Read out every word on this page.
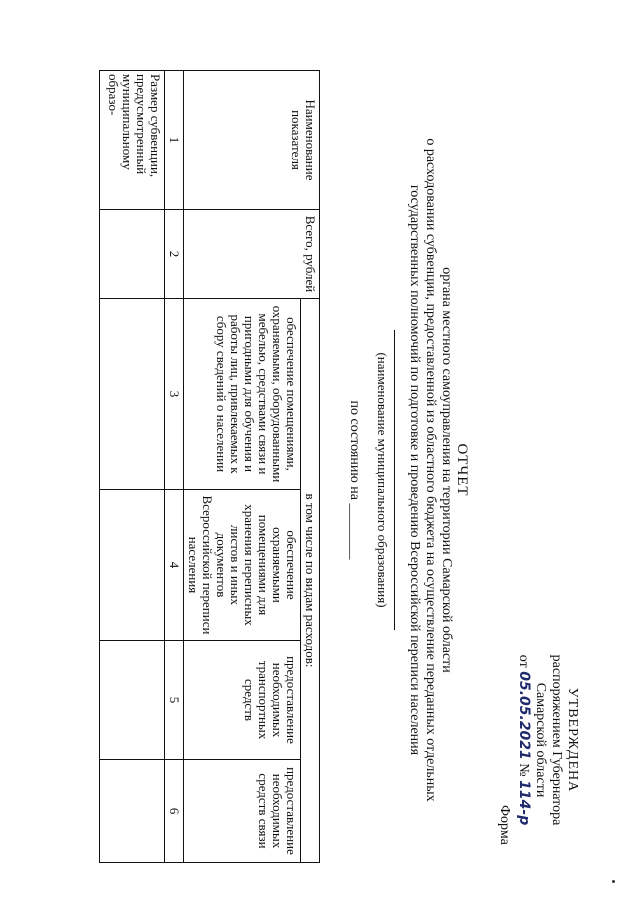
УТВЕРЖДЕНА
распоряжением Губернатора
Самарской области
от 05.05.2021 № 114-р
Форма
ОТЧЕТ
органа местного самоуправления на территории Самарской области
о расходовании субвенции, предоставленной из областного бюджета на осуществление переданных отдельных
государственных полномочий по подготовке и проведению Всероссийской переписи населения
(наименование муниципального образования)
по состоянию на ________
Наименование показателя	Всего, рублей	в том числе по видам расходов:			
		обеспечение помещениями, охраняемыми, оборудованными мебелью, средствами связи и пригодными для обучения и работы лиц, привлекаемых к сбору сведений о населении	обеспечение охраняемыми помещениями для хранения переписных листов и иных документов Всероссийской переписи населения	предоставление необходимых транспортных средств	предоставление необходимых средств связи
1	2	3	4	5	6
Размер субвенции, предусмотренный муниципальному образо-					
